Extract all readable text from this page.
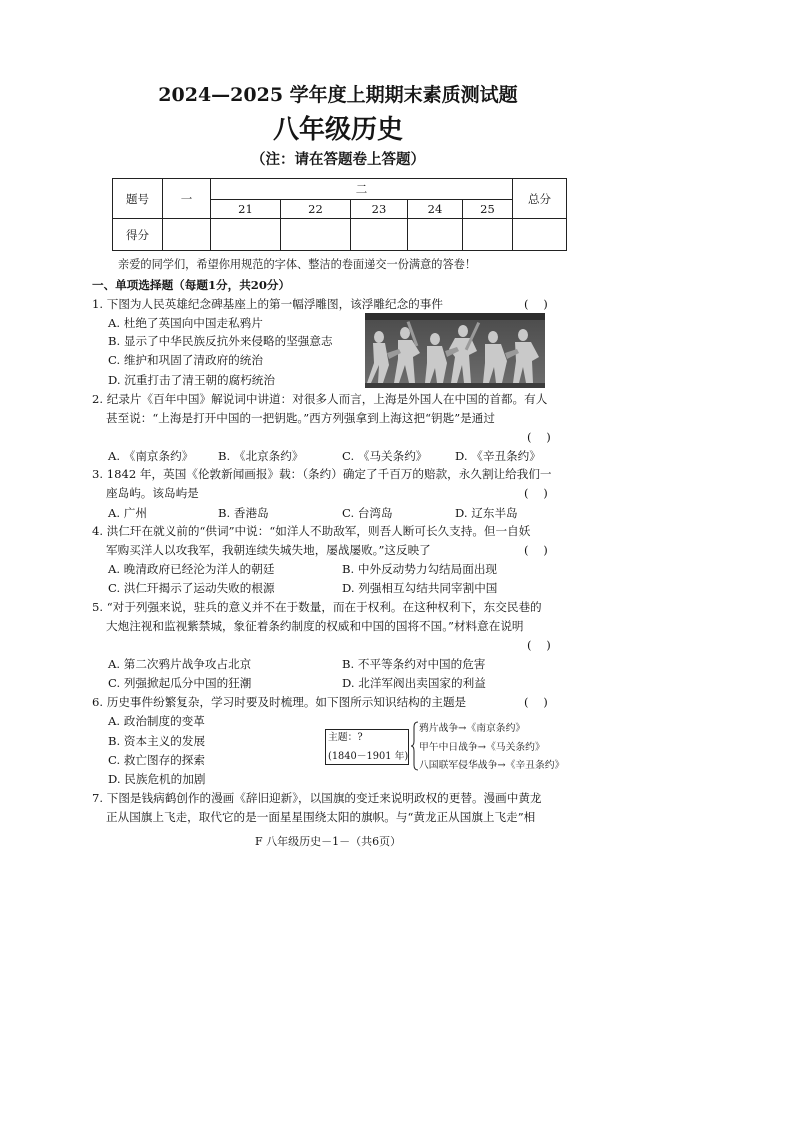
2024—2025 学年度上期期末素质测试题
八年级历史
（注：请在答题卷上答题）
题号	一	二					总分
		21	22	23	24	25	
得分							
亲爱的同学们，希望你用规范的字体、整洁的卷面递交一份满意的答卷！
一、单项选择题（每题1分，共20分）
1. 下图为人民英雄纪念碑基座上的第一幅浮雕图，该浮雕纪念的事件	(    )
A. 杜绝了英国向中国走私鸦片
B. 显示了中华民族反抗外来侵略的坚强意志
C. 维护和巩固了清政府的统治
D. 沉重打击了清王朝的腐朽统治
2. 纪录片《百年中国》解说词中讲道：对很多人而言，上海是外国人在中国的首都。有人
甚至说：“上海是打开中国的一把钥匙。”西方列强拿到上海这把“钥匙”是通过
(    )
A. 《南京条约》 B. 《北京条约》	C. 《马关条约》 D. 《辛丑条约》
3. 1842 年，英国《伦敦新闻画报》载：（条约）确定了千百万的赔款，永久割让给我们一
座岛屿。该岛屿是	(    )
A. 广州	B. 香港岛	C. 台湾岛	D. 辽东半岛
4. 洪仁玕在就义前的“供词”中说：“如洋人不助敌军，则吾人断可长久支持。但一自妖
军购买洋人以攻我军，我朝连续失城失地，屡战屡败。”这反映了	(    )
A. 晚清政府已经沦为洋人的朝廷	B. 中外反动势力勾结局面出现
C. 洪仁玕揭示了运动失败的根源	D. 列强相互勾结共同宰割中国
5. “对于列强来说，驻兵的意义并不在于数量，而在于权利。在这种权利下，东交民巷的
大炮注视和监视紫禁城，象征着条约制度的权威和中国的国将不国。”材料意在说明
(    )
A. 第二次鸦片战争攻占北京	B. 不平等条约对中国的危害
C. 列强掀起瓜分中国的狂潮	D. 北洋军阀出卖国家的利益
6. 历史事件纷繁复杂，学习时要及时梳理。如下图所示知识结构的主题是	(    )
A. 政治制度的变革
B. 资本主义的发展
C. 救亡图存的探索
D. 民族危机的加剧
主题：?
(1840－1901 年)
鸦片战争→《南京条约》
甲午中日战争→《马关条约》
八国联军侵华战争→《辛丑条约》
7. 下图是钱病鹤创作的漫画《辞旧迎新》，以国旗的变迁来说明政权的更替。漫画中黄龙
正从国旗上飞走，取代它的是一面星星围绕太阳的旗帜。与“黄龙正从国旗上飞走”相
F 八年级历史－1－（共6页）
